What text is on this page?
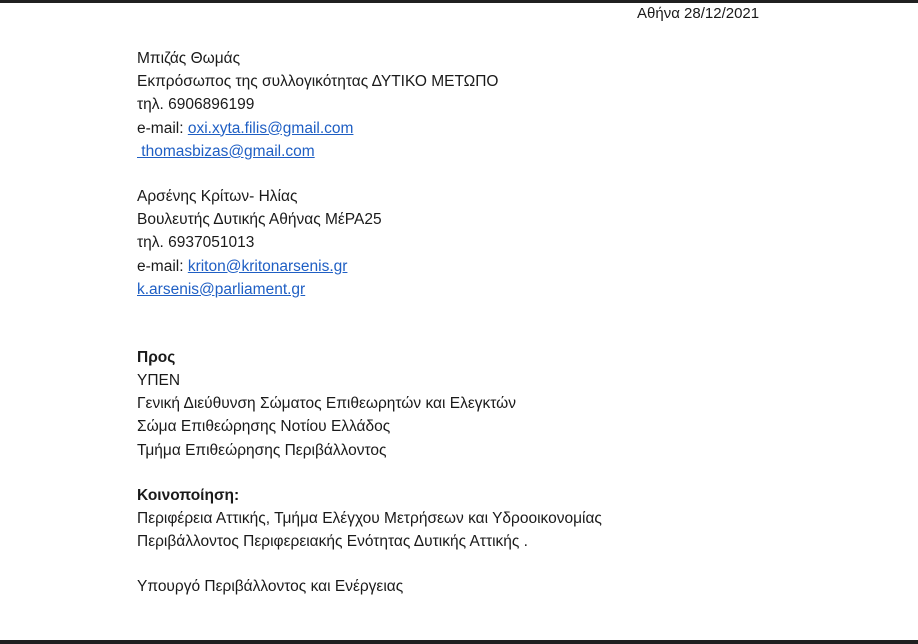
Αθήνα 28/12/2021
Μπιζάς Θωμάς
Εκπρόσωπος της συλλογικότητας ΔΥΤΙΚΟ ΜΕΤΩΠΟ
τηλ. 6906896199
e-mail: oxi.xyta.filis@gmail.com
thomasbizas@gmail.com
Αρσένης Κρίτων- Ηλίας
Βουλευτής Δυτικής Αθήνας ΜέΡΑ25
τηλ. 6937051013
e-mail: kriton@kritonarsenis.gr
k.arsenis@parliament.gr
Προς
ΥΠΕΝ
Γενική Διεύθυνση Σώματος Επιθεωρητών και Ελεγκτών
Σώμα Επιθεώρησης Νοτίου Ελλάδος
Τμήμα Επιθεώρησης Περιβάλλοντος
Κοινοποίηση:
Περιφέρεια Αττικής, Τμήμα Ελέγχου Μετρήσεων και Υδροοικονομίας
Περιβάλλοντος Περιφερειακής Ενότητας Δυτικής Αττικής .
Υπουργό Περιβάλλοντος και Ενέργειας
